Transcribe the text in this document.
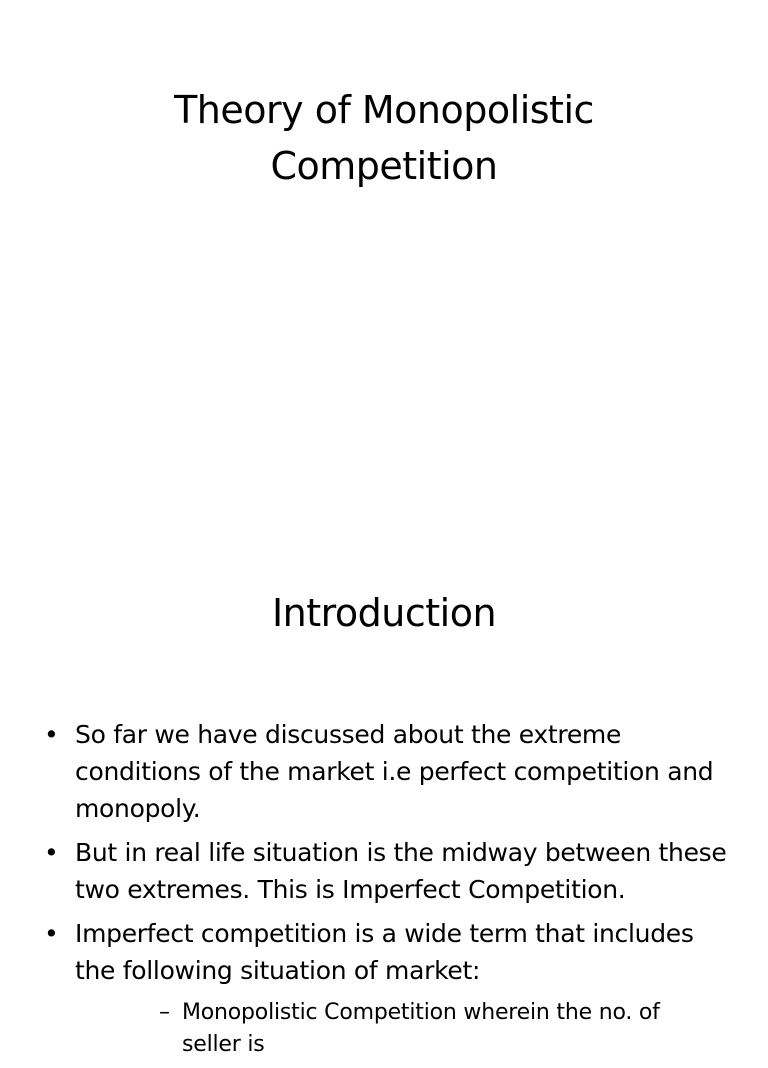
Theory of Monopolistic Competition
Introduction
• So far we have discussed about the extreme conditions of the market i.e perfect competition and monopoly.
• But in real life situation is the midway between these two extremes. This is Imperfect Competition.
• Imperfect competition is a wide term that includes the following situation of market:
– Monopolistic Competition wherein the no. of seller is
